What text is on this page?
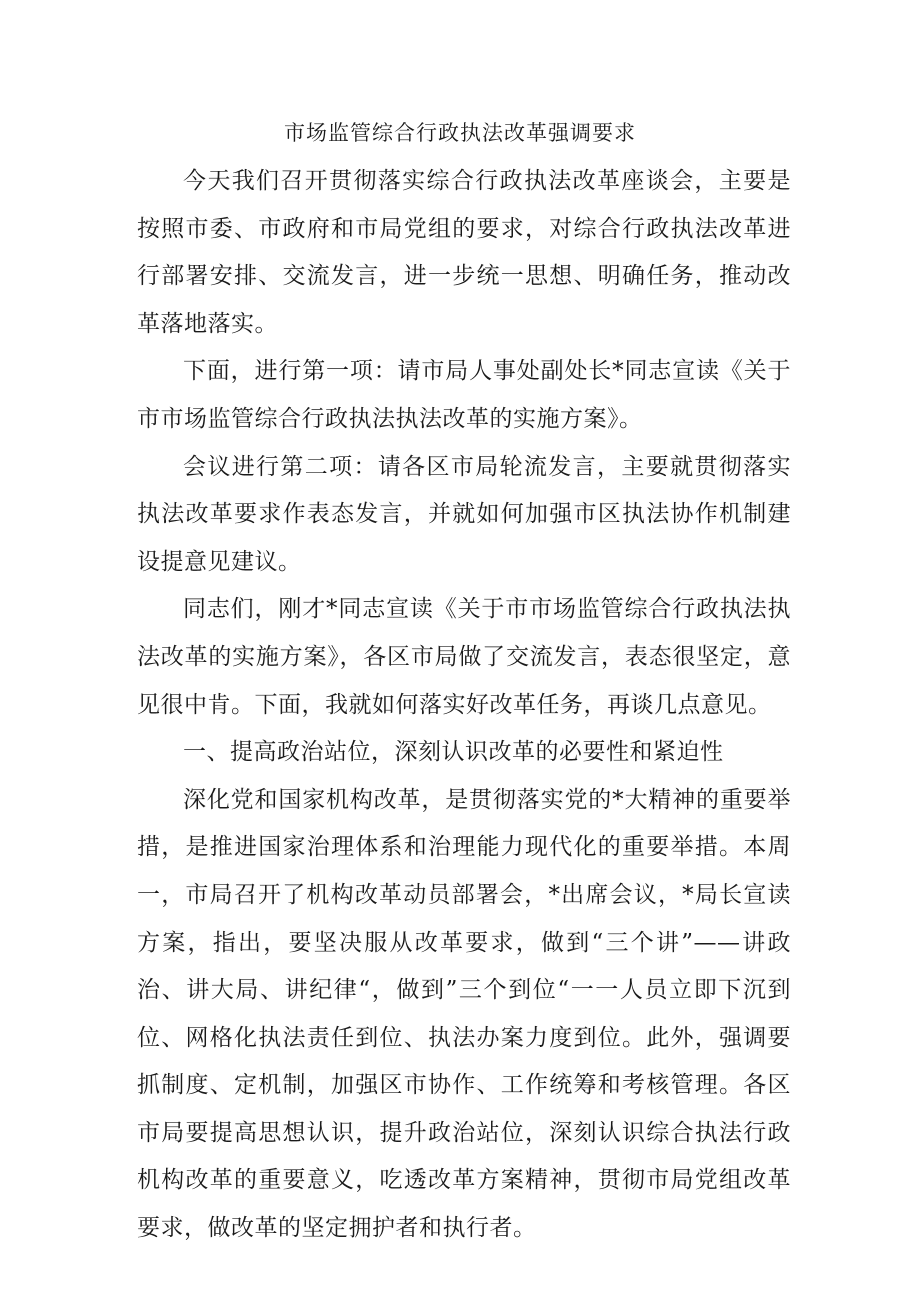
市场监管综合行政执法改革强调要求

今天我们召开贯彻落实综合行政执法改革座谈会，主要是按照市委、市政府和市局党组的要求，对综合行政执法改革进行部署安排、交流发言，进一步统一思想、明确任务，推动改革落地落实。

下面，进行第一项：请市局人事处副处长*同志宣读《关于市市场监管综合行政执法执法改革的实施方案》。

会议进行第二项：请各区市局轮流发言，主要就贯彻落实执法改革要求作表态发言，并就如何加强市区执法协作机制建设提意见建议。

同志们，刚才*同志宣读《关于市市场监管综合行政执法执法改革的实施方案》，各区市局做了交流发言，表态很坚定，意见很中肯。下面，我就如何落实好改革任务，再谈几点意见。

一、提高政治站位，深刻认识改革的必要性和紧迫性

深化党和国家机构改革，是贯彻落实党的*大精神的重要举措，是推进国家治理体系和治理能力现代化的重要举措。本周一，市局召开了机构改革动员部署会，*出席会议，*局长宣读方案，指出，要坚决服从改革要求，做到“三个讲”——讲政治、讲大局、讲纪律“，做到”三个到位“一一人员立即下沉到位、网格化执法责任到位、执法办案力度到位。此外，强调要抓制度、定机制，加强区市协作、工作统筹和考核管理。各区市局要提高思想认识，提升政治站位，深刻认识综合执法行政机构改革的重要意义，吃透改革方案精神，贯彻市局党组改革要求，做改革的坚定拥护者和执行者。
